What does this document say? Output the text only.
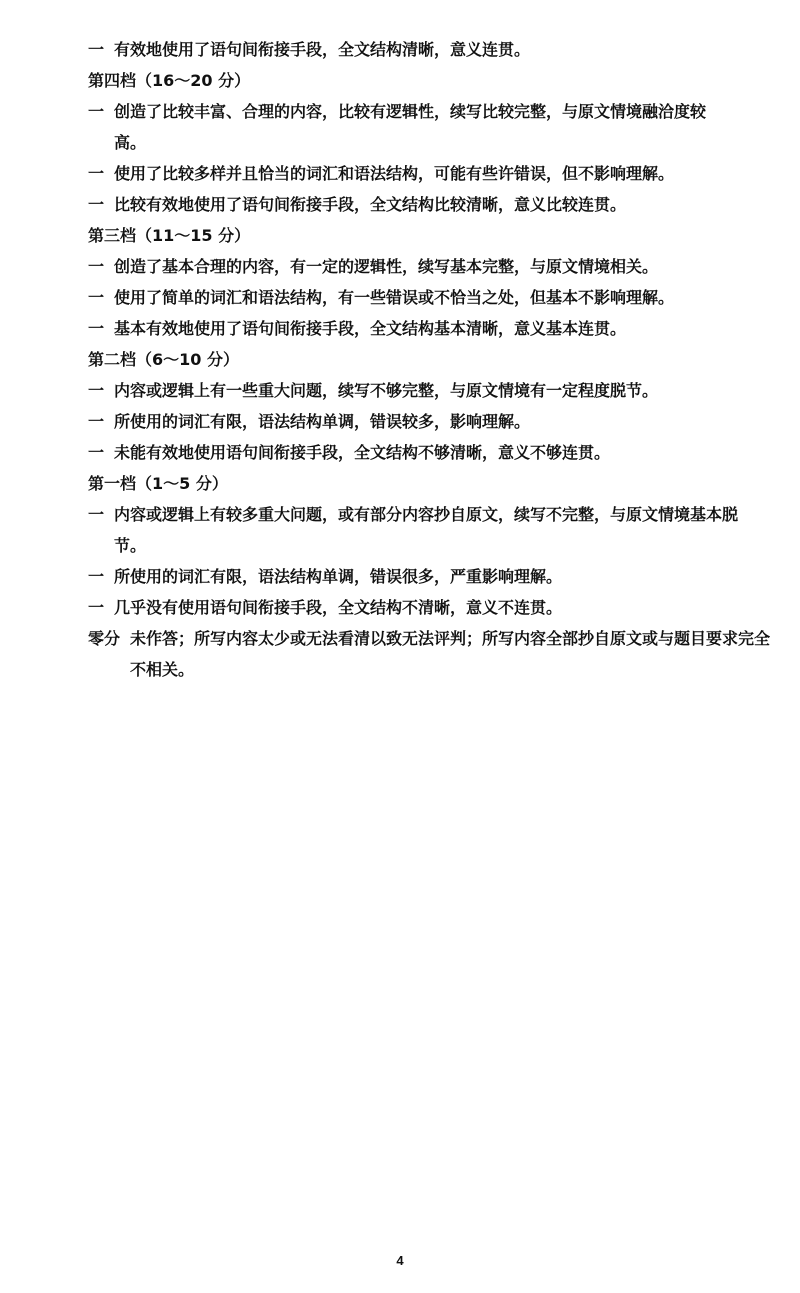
一 有效地使用了语句间衔接手段，全文结构清晰，意义连贯。
第四档（16～20 分）
一 创造了比较丰富、合理的内容，比较有逻辑性，续写比较完整，与原文情境融洽度较高。
一 使用了比较多样并且恰当的词汇和语法结构，可能有些许错误，但不影响理解。
一 比较有效地使用了语句间衔接手段，全文结构比较清晰，意义比较连贯。
第三档（11～15 分）
一 创造了基本合理的内容，有一定的逻辑性，续写基本完整，与原文情境相关。
一 使用了简单的词汇和语法结构，有一些错误或不恰当之处，但基本不影响理解。
一 基本有效地使用了语句间衔接手段，全文结构基本清晰，意义基本连贯。
第二档（6～10 分）
一 内容或逻辑上有一些重大问题，续写不够完整，与原文情境有一定程度脱节。
一 所使用的词汇有限，语法结构单调，错误较多，影响理解。
一 未能有效地使用语句间衔接手段，全文结构不够清晰，意义不够连贯。
第一档（1～5 分）
一 内容或逻辑上有较多重大问题，或有部分内容抄自原文，续写不完整，与原文情境基本脱节。
一 所使用的词汇有限，语法结构单调，错误很多，严重影响理解。
一 几乎没有使用语句间衔接手段，全文结构不清晰，意义不连贯。
零分 未作答；所写内容太少或无法看清以致无法评判；所写内容全部抄自原文或与题目要求完全不相关。
4
